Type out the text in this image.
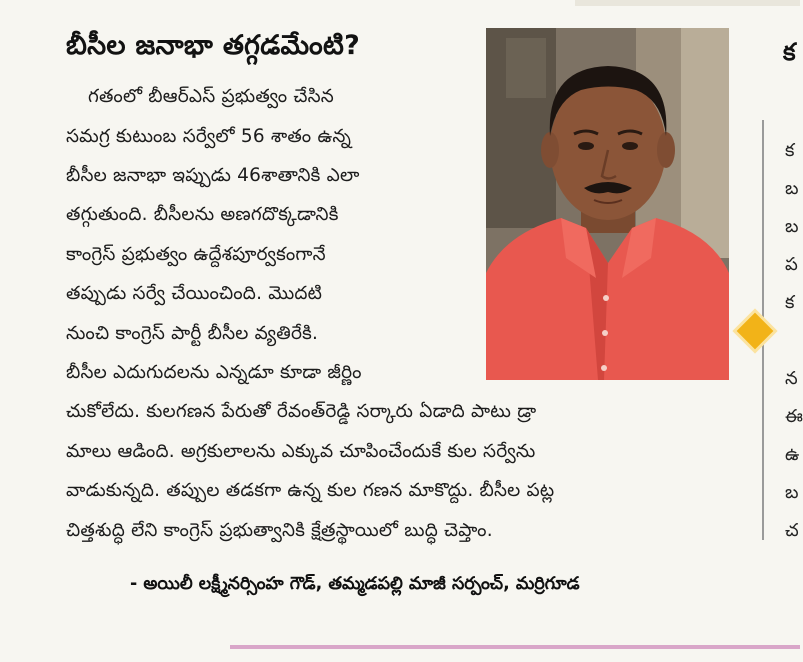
బీసీల జనాభా తగ్గడమేంటి?
గతంలో బీఆర్ఎస్ ప్రభుత్వం చేసిన
సమగ్ర కుటుంబ సర్వేలో 56 శాతం ఉన్న
బీసీల జనాభా ఇప్పుడు 46శాతానికి ఎలా
తగ్గుతుంది. బీసీలను అణగదొక్కడానికి
కాంగ్రెస్ ప్రభుత్వం ఉద్దేశపూర్వకంగానే
తప్పుడు సర్వే చేయించింది. మొదటి
నుంచి కాంగ్రెస్ పార్టీ బీసీల వ్యతిరేకి.
బీసీల ఎదుగుదలను ఎన్నడూ కూడా జీర్ణిం
చుకోలేదు. కులగణన పేరుతో రేవంత్‌రెడ్డి సర్కారు ఏడాది పాటు డ్రా
మాలు ఆడింది. అగ్రకులాలను ఎక్కువ చూపించేందుకే కుల సర్వేను
వాడుకున్నది. తప్పుల తడకగా ఉన్న కుల గణన మాకొద్దు. బీసీల పట్ల
చిత్తశుద్ధి లేని కాంగ్రెస్ ప్రభుత్వానికి క్షేత్రస్థాయిలో బుద్ధి చెప్తాం.
- అయిలీ లక్ష్మీనర్సింహ గౌడ్, తమ్మడపల్లి మాజీ సర్పంచ్, మర్రిగూడ
క
క
బ
బ
ప
క
న
ఈ
ఉ
బ
చ
